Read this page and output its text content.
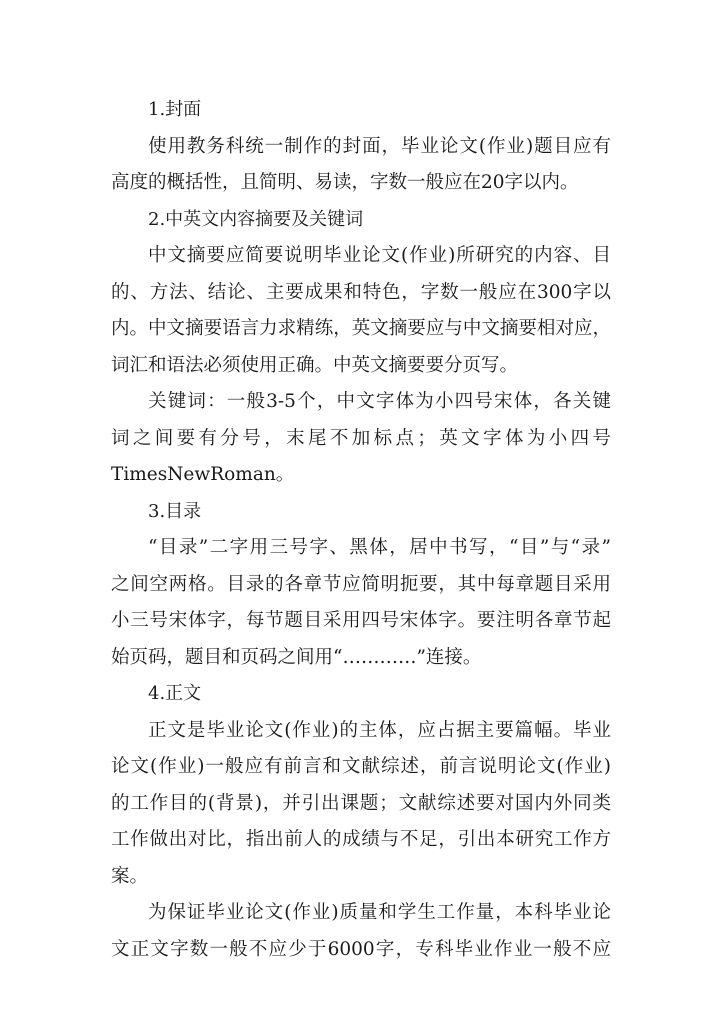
1.封面
使用教务科统一制作的封面，毕业论文(作业)题目应有
高度的概括性，且简明、易读，字数一般应在20字以内。
2.中英文内容摘要及关键词
中文摘要应简要说明毕业论文(作业)所研究的内容、目
的、方法、结论、主要成果和特色，字数一般应在300字以
内。中文摘要语言力求精练，英文摘要应与中文摘要相对应，
词汇和语法必须使用正确。中英文摘要要分页写。
关键词：一般3-5个，中文字体为小四号宋体，各关键
词之间要有分号，末尾不加标点；英文字体为小四号
TimesNewRoman。
3.目录
“目录”二字用三号字、黑体，居中书写，“目”与“录”
之间空两格。目录的各章节应简明扼要，其中每章题目采用
小三号宋体字，每节题目采用四号宋体字。要注明各章节起
始页码，题目和页码之间用“…………”连接。
4.正文
正文是毕业论文(作业)的主体，应占据主要篇幅。毕业
论文(作业)一般应有前言和文献综述，前言说明论文(作业)
的工作目的(背景)，并引出课题；文献综述要对国内外同类
工作做出对比，指出前人的成绩与不足，引出本研究工作方
案。
为保证毕业论文(作业)质量和学生工作量，本科毕业论
文正文字数一般不应少于6000字，专科毕业作业一般不应
